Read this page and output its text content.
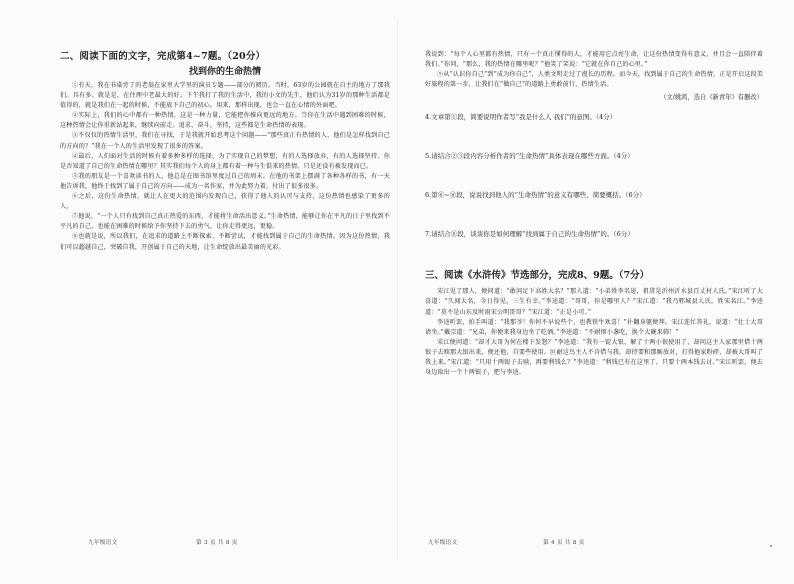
二、阅读下面的文字，完成第4~7题。（20分）
找到你的生命热情

①有天，我在书桌旁了的老翁在家里大学里的演员专题——部分的阅历。当时，63岁的公园就在自主的地方了那我们。具有多。就是是，在住理中老最大的好。下午我打了我的生活中，我的小文的先生，他们认为31岁的那种生活都是值得的，就是我们在一起的时候，不能放下自己的初心。用来，那样出现，也会一直在心情的外面吧。

②实际上，我们的心中都有一种热情，这是一种力量，它能把你推向更远的地方。当你在生活中遇到困难的时候，这种热情会让你重新站起来，继续向前走。追求，奋斗，坚持，这些都是生命热情的表现。

③不仅仅的热情生活里，我们在寻找，于是我就开始思考这个问题——“那些真正有热情的人，他们是怎样找到自己的方向的？”我在一个人的生活里发现了很多的答案。

④最后，人们面对生活的时候有着多种多样的选择，为了实现自己的梦想，有的人选择放弃，有的人选择坚持。你是否知道了自己的生命热情在哪里？其实我们每个人的身上都有着一种与生俱来的热情，只是还没有被发现而已。

⑤我的朋友是一个喜欢读书的人，他总是在图书馆里度过自己的周末。在他的书架上摆满了各种各样的书，有一天他告诉我，他终于找到了属于自己的方向——成为一名作家，并为此努力着，付出了很多很多。

⑥之后，这份生命热情，就让人在更大的范围内发现自己，获得了他人的认可与支持，这份热情也感染了更多的人。

⑦他说，“一个人只有找到自己真正热爱的东西，才能将生命活出意义。”生命热情，能够让你在平凡的日子里找到不平凡的自己，也能在困难的时候给予你坚持下去的勇气，让你走得更远，更稳。

⑧也就是说，所以我们，在追求的道路上不断探索、不断尝试，才能找到属于自己的生命热情。因为这份热情，我们可以超越自己，突破自我，开创属于自己的天地，让生命绽放出最美丽的光彩。

我说到：“每个人心里都有热情，只有一个真正懂得的人，才能用它点亮生命，让这份热情变得有意义，并且会一直陪伴着我们。”你问，“那么，我的热情在哪里呢？”他笑了笑说：“它就在你自己的心里。”

⑨从“认识你自己”到“成为你自己”，人类文明走过了漫长的历程。而今天，找到属于自己的生命热情，正是开启这段美好旅程的第一步，让我们在“做自己”的道路上勇敢前行，热情生活。

（文/姚鸿，选自《新青年》有删改）
4.文章第①段，简要说明作者写“我是什么人 我们”的意图。（4分）
5.请结合②③段内容分析作者的“生命热情”具体表现在哪些方面。（4分）
6.第⑥~⑧段，说说找到他人的“生命热情”的意义有哪些，简要概括。（6分）
7.请结合⑧段，谈谈你是如何理解“找到属于自己的生命热情”的。（6分）
三、阅读《水浒传》节选部分，完成8、9题。（7分）

宋江见了那人，便问道：“敢问足下高姓大名？”那人道：“小弟姓李名逵，祖贯是沂州沂水县百丈村人氏。”宋江听了大喜道：“久闻大名，今日得见，三生有幸。”李逵道：“哥哥，你是哪里人？”宋江道：“我乃郓城县人氏，姓宋名江。”李逵道：“莫不是山东及时雨宋公明哥哥？”宋江道：“正是小可。”

李逵听罢，拍手叫道：“我那爷！你何不早说些个，也教铁牛欢喜！”扑翻身躯便拜。宋江连忙答礼，说道：“壮士大哥请坐。”戴宗道：“兄弟，你便来我身边坐了吃酒。”李逵道：“不耐烦小盏吃，换个大碗来筛！”

宋江便问道：“却才大哥为何在楼下发怒？”李逵道：“我有一锭大银，解了十两小银使用了，却问这主人家那里借十两银子去赎那大银出来，便还他，自要些使用。叵耐这鸟主人不肯借与我。却待要和那厮放对，打得他家粉碎，却被大哥叫了我上来。”宋江道：“只用十两银子去赎，再要利钱么？”李逵道：“利钱已有在这里了，只要十两本钱去讨。”宋江听罢，便去身边取出一个十两银子，把与李逵。

九年级语文	第 3 页 共 8 页	九年级语文	第 4 页 共 8 页
